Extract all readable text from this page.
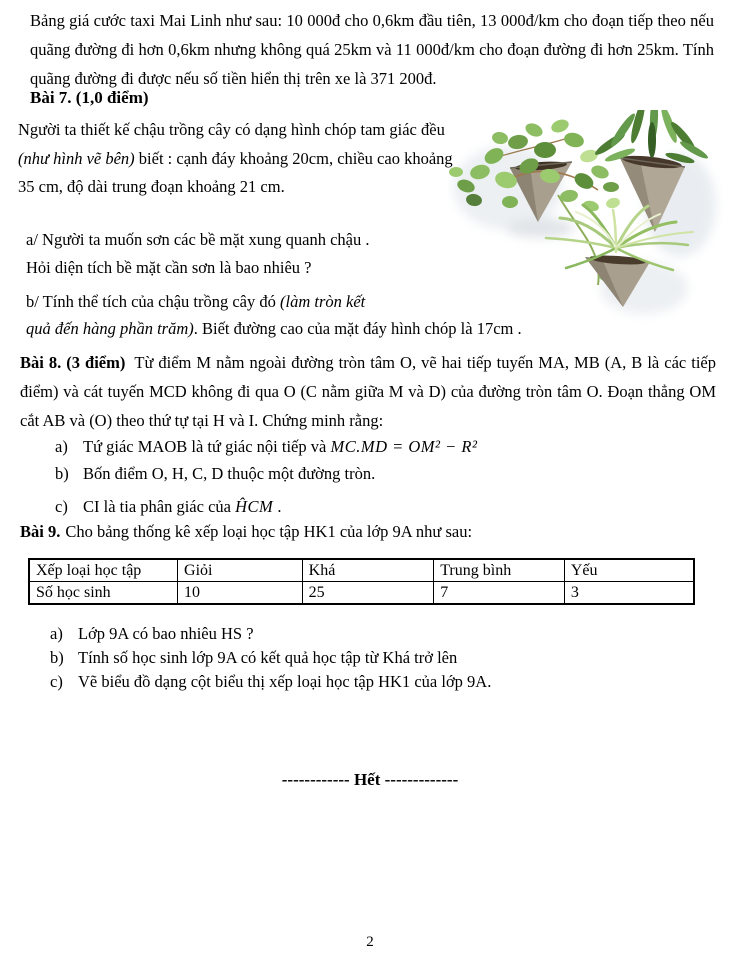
Bảng giá cước taxi Mai Linh như sau: 10 000đ cho 0,6km đầu tiên, 13 000đ/km cho đoạn tiếp theo nếu quãng đường đi hơn 0,6km nhưng không quá 25km và 11 000đ/km cho đoạn đường đi hơn 25km. Tính quãng đường đi được nếu số tiền hiển thị trên xe là 371 200đ.

Bài 7. (1,0 điểm)

Người ta thiết kế chậu trồng cây có dạng hình chóp tam giác đều (như hình vẽ bên) biết : cạnh đáy khoảng 20cm, chiều cao khoảng 35 cm, độ dài trung đoạn khoảng 21 cm.

a/ Người ta muốn sơn các bề mặt xung quanh chậu .
Hỏi diện tích bề mặt cần sơn là bao nhiêu ?

b/ Tính thể tích của chậu trồng cây đó (làm tròn kết
quả đến hàng phần trăm). Biết đường cao của mặt đáy hình chóp là 17cm .

Bài 8. (3 điểm) Từ điểm M nằm ngoài đường tròn tâm O, vẽ hai tiếp tuyến MA, MB (A, B là các tiếp điểm) và cát tuyến MCD không đi qua O (C nằm giữa M và D) của đường tròn tâm O. Đoạn thẳng OM cắt AB và (O) theo thứ tự tại H và I. Chứng minh rằng:

a) Tứ giác MAOB là tứ giác nội tiếp và MC.MD = OM² − R²
b) Bốn điểm O, H, C, D thuộc một đường tròn.
c) CI là tia phân giác của ĤCM .

Bài 9. Cho bảng thống kê xếp loại học tập HK1 của lớp 9A như sau:

Xếp loại học tập	Giỏi	Khá	Trung bình	Yếu
Số học sinh	10	25	7	3
a) Lớp 9A có bao nhiêu HS ?
b) Tính số học sinh lớp 9A có kết quả học tập từ Khá trở lên
c) Vẽ biểu đồ dạng cột biểu thị xếp loại học tập HK1 của lớp 9A.

------------ Hết -------------

2
